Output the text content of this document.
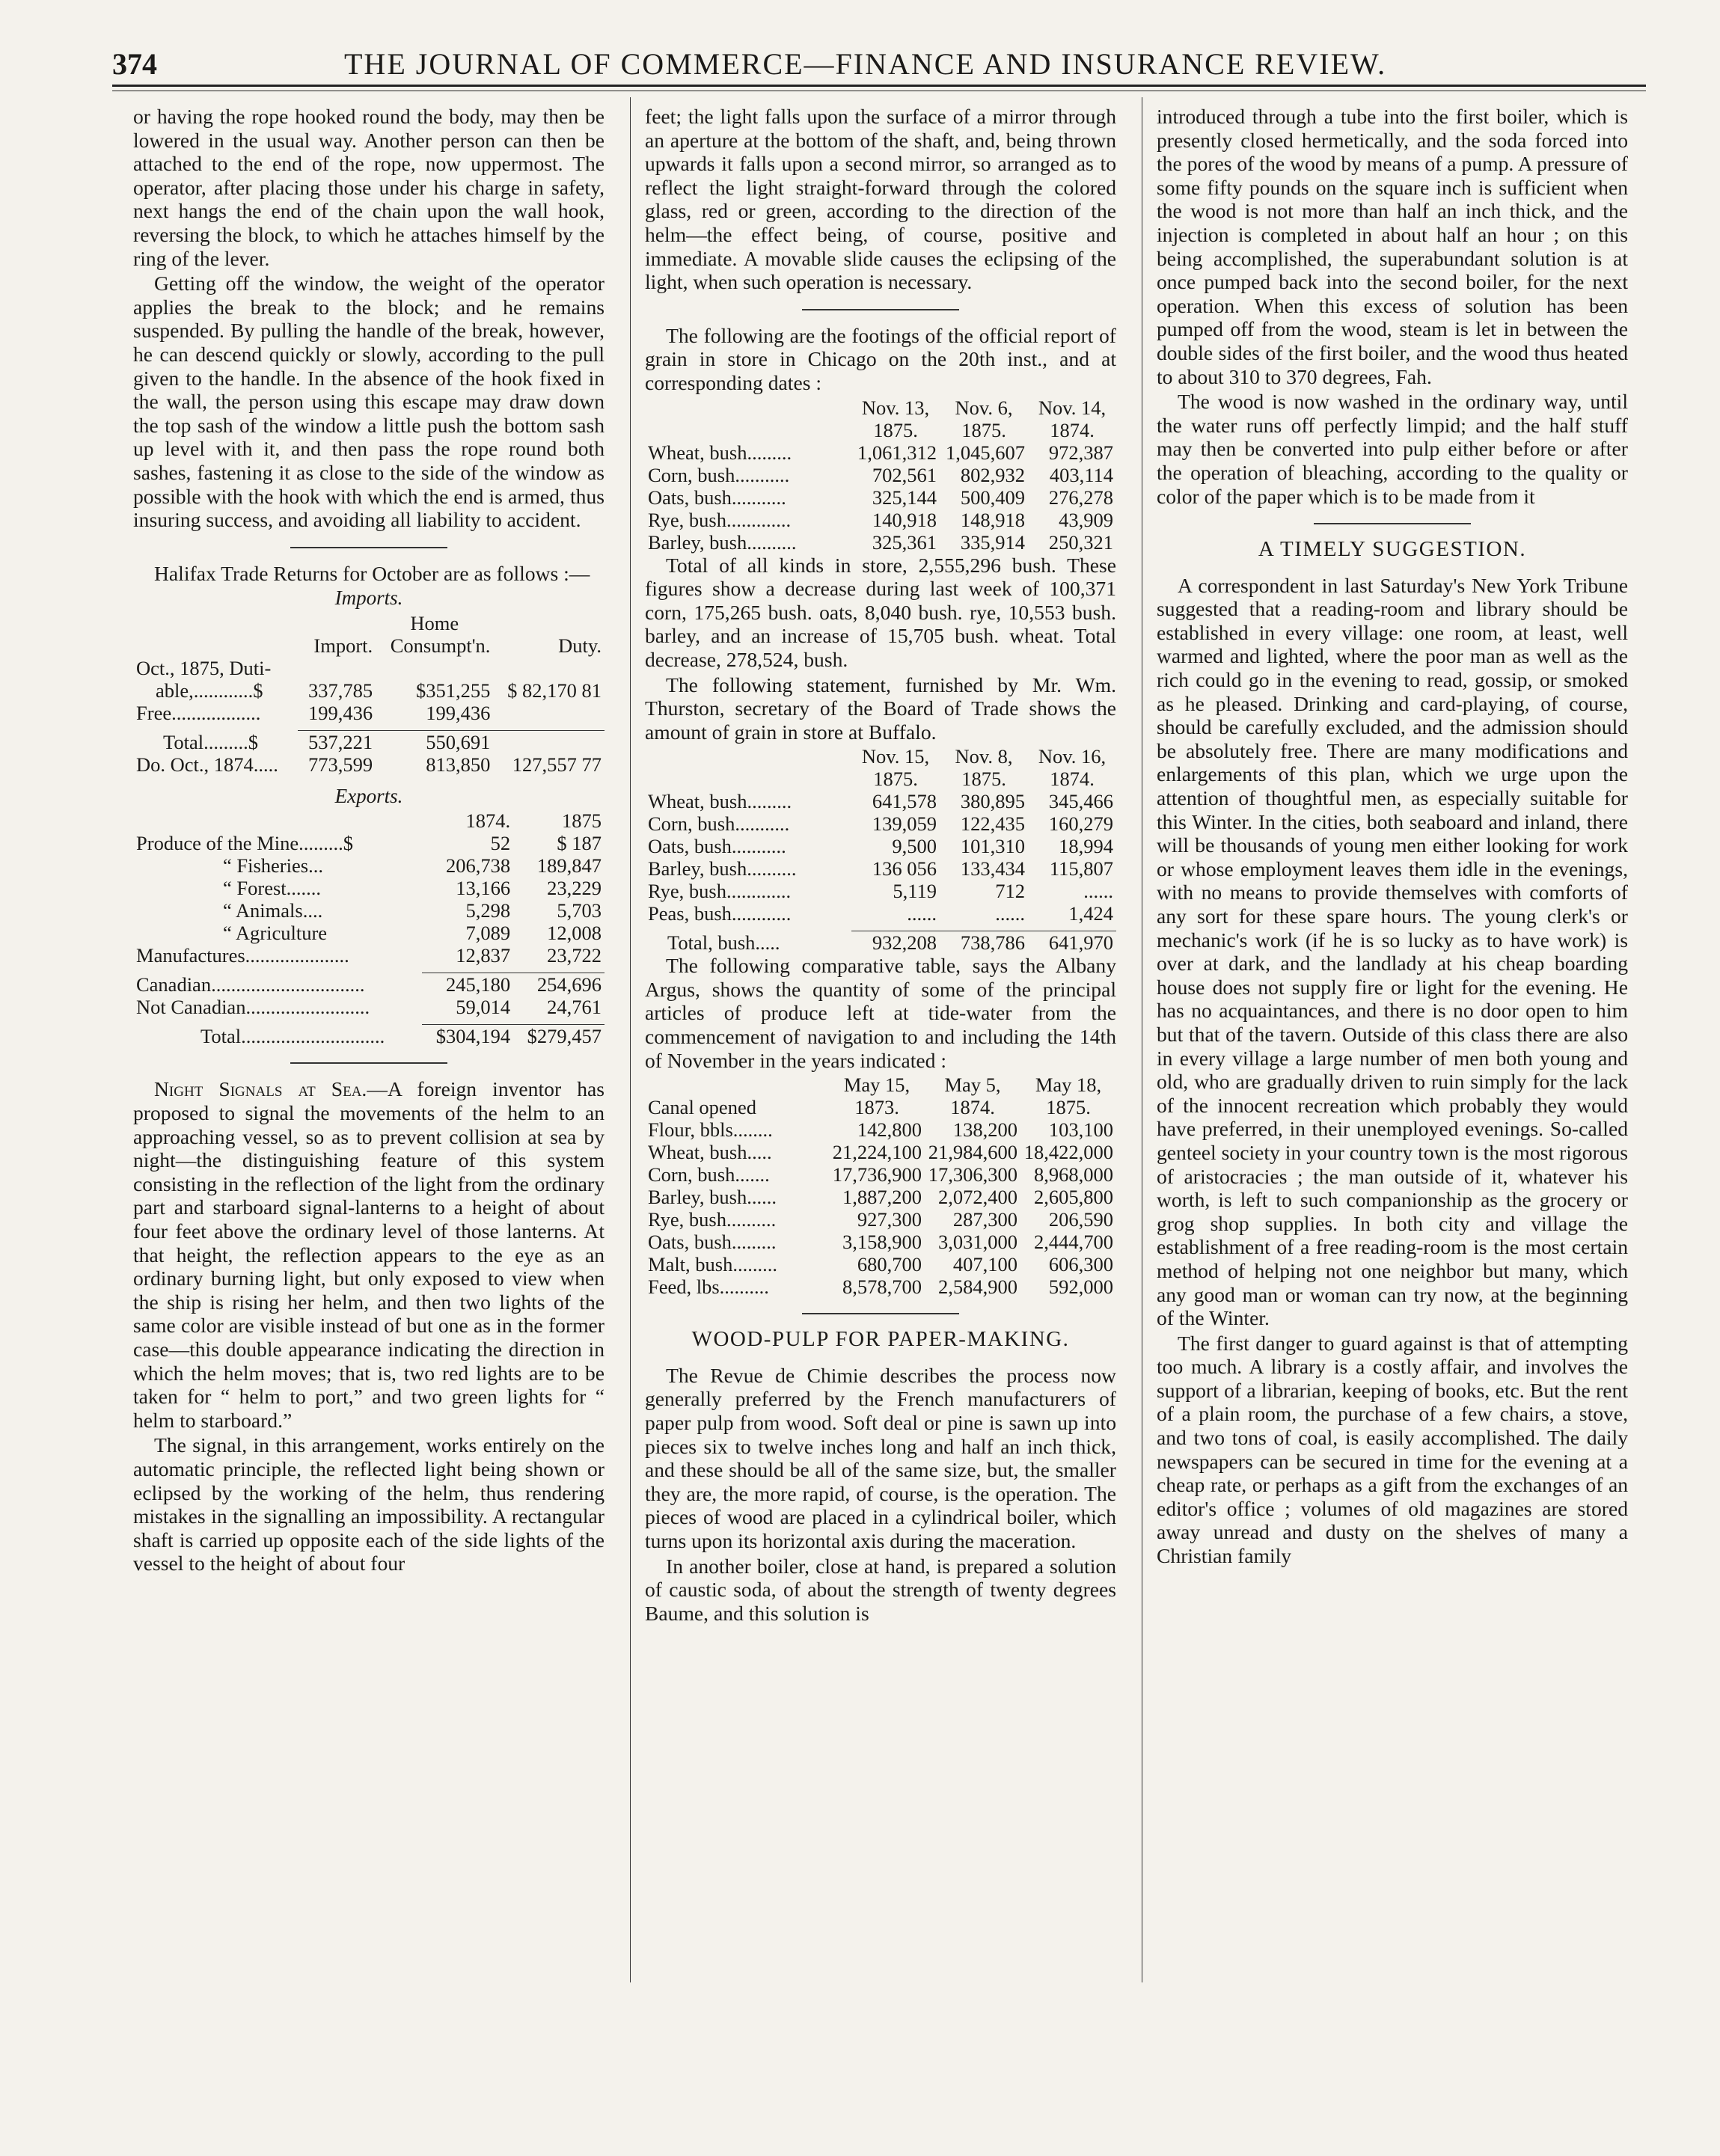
374	THE JOURNAL OF COMMERCE—FINANCE AND INSURANCE REVIEW.

or having the rope hooked round the body, may then be lowered in the usual way. Another person can then be attached to the end of the rope, now uppermost. The operator, after placing those under his charge in safety, next hangs the end of the chain upon the wall hook, reversing the block, to which he attaches himself by the ring of the lever.

Getting off the window, the weight of the operator applies the break to the block; and he remains suspended. By pulling the handle of the break, however, he can descend quickly or slowly, according to the pull given to the handle. In the absence of the hook fixed in the wall, the person using this escape may draw down the top sash of the window a little push the bottom sash up level with it, and then pass the rope round both sashes, fastening it as close to the side of the window as possible with the hook with which the end is armed, thus insuring success, and avoiding all liability to accident.

Halifax Trade Returns for October are as follows :—

Imports.
		Home	
	Import.	Consumpt'n.	Duty.
Oct., 1875, Duti-			
able,............$	337,785	$351,255	$ 82,170 81
Free..................	199,436	199,436	

Total.........$	537,221	550,691	
Do. Oct., 1874.....	773,599	813,850	127,557 77
Exports.
	1874.	1875
Produce of the Mine.........$	52	$ 187
“ Fisheries...	206,738	189,847
“ Forest.......	13,166	23,229
“ Animals....	5,298	5,703
“ Agriculture	7,089	12,008
Manufactures.....................	12,837	23,722

Canadian...............................	245,180	254,696
Not Canadian.........................	59,014	24,761

Total.............................	$304,194	$279,457

Night Signals at Sea.—A foreign inventor has proposed to signal the movements of the helm to an approaching vessel, so as to prevent collision at sea by night—the distinguishing feature of this system consisting in the reflection of the light from the ordinary part and starboard signal-lanterns to a height of about four feet above the ordinary level of those lanterns. At that height, the reflection appears to the eye as an ordinary burning light, but only exposed to view when the ship is rising her helm, and then two lights of the same color are visible instead of but one as in the former case—this double appearance indicating the direction in which the helm moves; that is, two red lights are to be taken for “ helm to port,” and two green lights for “ helm to starboard.”

The signal, in this arrangement, works entirely on the automatic principle, the reflected light being shown or eclipsed by the working of the helm, thus rendering mistakes in the signalling an impossibility. A rectangular shaft is carried up opposite each of the side lights of the vessel to the height of about four

feet; the light falls upon the surface of a mirror through an aperture at the bottom of the shaft, and, being thrown upwards it falls upon a second mirror, so arranged as to reflect the light straight-forward through the colored glass, red or green, according to the direction of the helm—the effect being, of course, positive and immediate. A movable slide causes the eclipsing of the light, when such operation is necessary.

The following are the footings of the official report of grain in store in Chicago on the 20th inst., and at corresponding dates :

	Nov. 13, 1875.	Nov. 6, 1875.	Nov. 14, 1874.
Wheat, bush.........	1,061,312	1,045,607	972,387
Corn, bush...........	702,561	802,932	403,114
Oats, bush...........	325,144	500,409	276,278
Rye, bush.............	140,918	148,918	43,909
Barley, bush..........	325,361	335,914	250,321

Total of all kinds in store, 2,555,296 bush. These figures show a decrease during last week of 100,371 corn, 175,265 bush. oats, 8,040 bush. rye, 10,553 bush. barley, and an increase of 15,705 bush. wheat. Total decrease, 278,524, bush.

The following statement, furnished by Mr. Wm. Thurston, secretary of the Board of Trade shows the amount of grain in store at Buffalo.

	Nov. 15, 1875.	Nov. 8, 1875.	Nov. 16, 1874.
Wheat, bush.........	641,578	380,895	345,466
Corn, bush...........	139,059	122,435	160,279
Oats, bush...........	9,500	101,310	18,994
Barley, bush..........	136 056	133,434	115,807
Rye, bush.............	5,119	712	......
Peas, bush............	......	......	1,424

Total, bush.....	932,208	738,786	641,970

The following comparative table, says the Albany Argus, shows the quantity of some of the principal articles of produce left at tide-water from the commencement of navigation to and including the 14th of November in the years indicated :

Canal opened	May 15, 1873.	May 5, 1874.	May 18, 1875.
Flour, bbls........	142,800	138,200	103,100
Wheat, bush.....	21,224,100	21,984,600	18,422,000
Corn, bush.......	17,736,900	17,306,300	8,968,000
Barley, bush......	1,887,200	2,072,400	2,605,800
Rye, bush..........	927,300	287,300	206,590
Oats, bush.........	3,158,900	3,031,000	2,444,700
Malt, bush.........	680,700	407,100	606,300
Feed, lbs..........	8,578,700	2,584,900	592,000
WOOD-PULP FOR PAPER-MAKING.

The Revue de Chimie describes the process now generally preferred by the French manufacturers of paper pulp from wood. Soft deal or pine is sawn up into pieces six to twelve inches long and half an inch thick, and these should be all of the same size, but, the smaller they are, the more rapid, of course, is the operation. The pieces of wood are placed in a cylindrical boiler, which turns upon its horizontal axis during the maceration.

In another boiler, close at hand, is prepared a solution of caustic soda, of about the strength of twenty degrees Baume, and this solution is

introduced through a tube into the first boiler, which is presently closed hermetically, and the soda forced into the pores of the wood by means of a pump. A pressure of some fifty pounds on the square inch is sufficient when the wood is not more than half an inch thick, and the injection is completed in about half an hour ; on this being accomplished, the superabundant solution is at once pumped back into the second boiler, for the next operation. When this excess of solution has been pumped off from the wood, steam is let in between the double sides of the first boiler, and the wood thus heated to about 310 to 370 degrees, Fah.

The wood is now washed in the ordinary way, until the water runs off perfectly limpid; and the half stuff may then be converted into pulp either before or after the operation of bleaching, according to the quality or color of the paper which is to be made from it

A TIMELY SUGGESTION.

A correspondent in last Saturday's New York Tribune suggested that a reading-room and library should be established in every village: one room, at least, well warmed and lighted, where the poor man as well as the rich could go in the evening to read, gossip, or smoked as he pleased. Drinking and card-playing, of course, should be carefully excluded, and the admission should be absolutely free. There are many modifications and enlargements of this plan, which we urge upon the attention of thoughtful men, as especially suitable for this Winter. In the cities, both seaboard and inland, there will be thousands of young men either looking for work or whose employment leaves them idle in the evenings, with no means to provide themselves with comforts of any sort for these spare hours. The young clerk's or mechanic's work (if he is so lucky as to have work) is over at dark, and the landlady at his cheap boarding house does not supply fire or light for the evening. He has no acquaintances, and there is no door open to him but that of the tavern. Outside of this class there are also in every village a large number of men both young and old, who are gradually driven to ruin simply for the lack of the innocent recreation which probably they would have preferred, in their unemployed evenings. So-called genteel society in your country town is the most rigorous of aristocracies ; the man outside of it, whatever his worth, is left to such companionship as the grocery or grog shop supplies. In both city and village the establishment of a free reading-room is the most certain method of helping not one neighbor but many, which any good man or woman can try now, at the beginning of the Winter.

The first danger to guard against is that of attempting too much. A library is a costly affair, and involves the support of a librarian, keeping of books, etc. But the rent of a plain room, the purchase of a few chairs, a stove, and two tons of coal, is easily accomplished. The daily newspapers can be secured in time for the evening at a cheap rate, or perhaps as a gift from the exchanges of an editor's office ; volumes of old magazines are stored away unread and dusty on the shelves of many a Christian family
